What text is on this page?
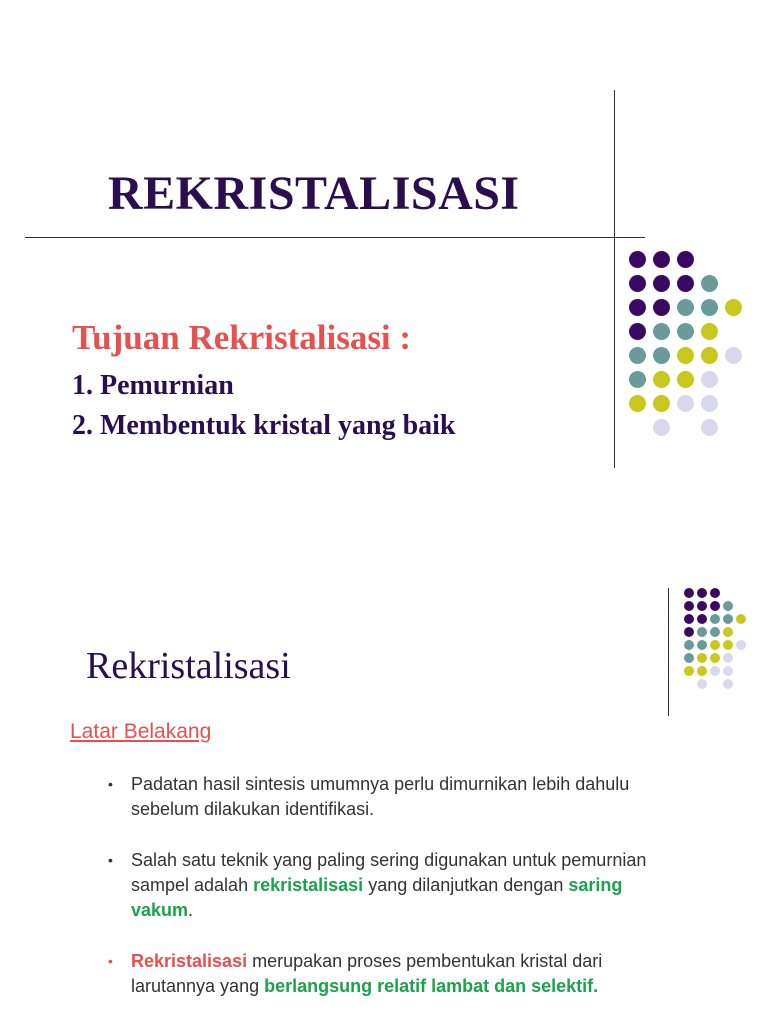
REKRISTALISASI
Tujuan Rekristalisasi :
1. Pemurnian
2. Membentuk kristal yang baik
Rekristalisasi
Latar Belakang
• Padatan hasil sintesis umumnya perlu dimurnikan lebih dahulu sebelum dilakukan identifikasi.
• Salah satu teknik yang paling sering digunakan untuk pemurnian sampel adalah rekristalisasi yang dilanjutkan dengan saring vakum.
• Rekristalisasi merupakan proses pembentukan kristal dari larutannya yang berlangsung relatif lambat dan selektif.
